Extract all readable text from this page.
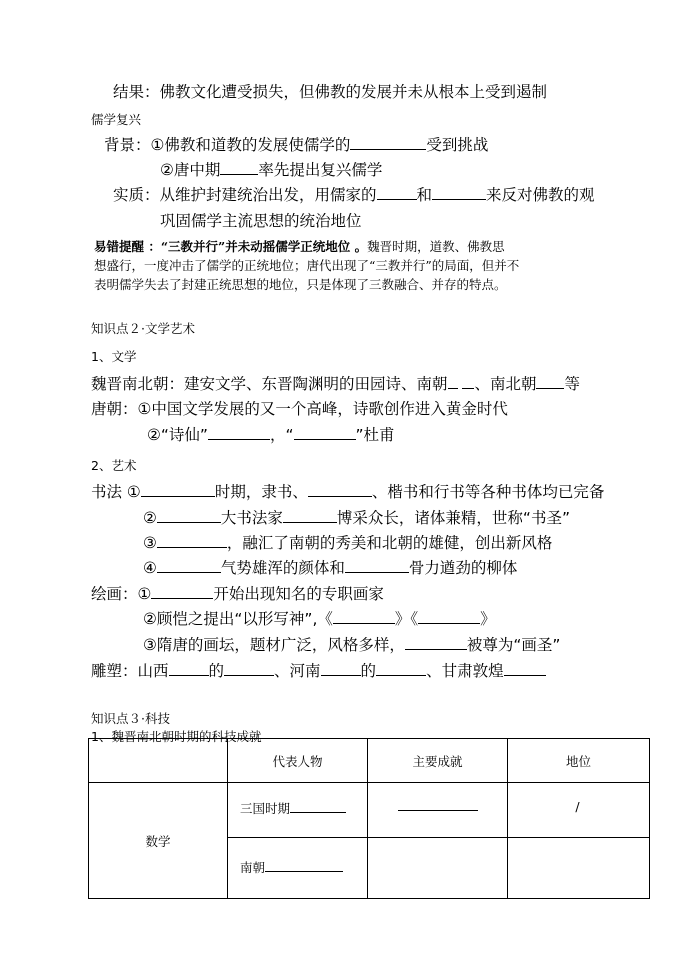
结果：佛教文化遭受损失，但佛教的发展并未从根本上受到遏制
儒学复兴
背景：①佛教和道教的发展使儒学的	受到挑战
②唐中期 率先提出复兴儒学
实质：从维护封建统治出发，用儒家的	和	来反对佛教的观
巩固儒学主流思想的统治地位
易错提醒 ：“三教并行”并未动摇儒学正统地位 。魏晋时期，道教、佛教思
想盛行，一度冲击了儒学的正统地位；唐代出现了“三教并行”的局面，但并不
表明儒学失去了封建正统思想的地位，只是体现了三教融合、并存的特点。
知识点２·文学艺术
1、文学
魏晋南北朝：建安文学、东晋陶渊明的田园诗、南朝 、南北朝 等
唐朝：①中国文学发展的又一个高峰，诗歌创作进入黄金时代
②“诗仙”	，“	”杜甫
2、艺术
书法 ①	时期，隶书、	、楷书和行书等各种书体均已完备
②	大书法家	博采众长，诸体兼精，世称“书圣”
③	，融汇了南朝的秀美和北朝的雄健，创出新风格
④	气势雄浑的颜体和	骨力遒劲的柳体
绘画：①	开始出现知名的专职画家
②顾恺之提出“以形写神”,《	》《	》
③隋唐的画坛，题材广泛，风格多样，	被尊为“画圣”
雕塑：山西	的	、河南	的	、甘肃敦煌
知识点３·科技
1、魏晋南北朝时期的科技成就
	代表人物	主要成就	地位
数学	三国时期		/

	南朝		
